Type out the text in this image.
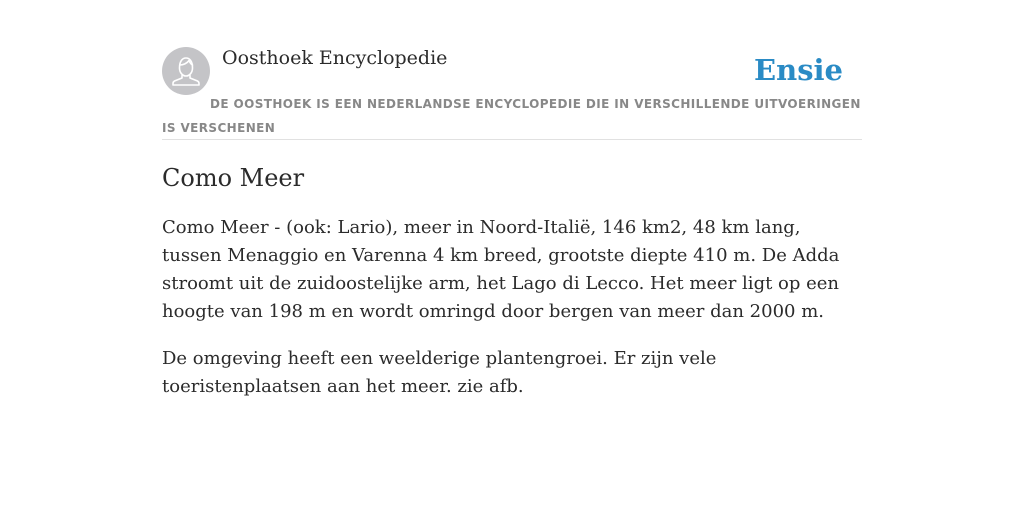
Oosthoek Encyclopedie	Ensie
DE OOSTHOEK IS EEN NEDERLANDSE ENCYCLOPEDIE DIE IN VERSCHILLENDE UITVOERINGEN IS VERSCHENEN
Como Meer

Como Meer - (ook: Lario), meer in Noord-Italië, 146 km2, 48 km lang, tussen Menaggio en Varenna 4 km breed, grootste diepte 410 m. De Adda stroomt uit de zuidoostelijke arm, het Lago di Lecco. Het meer ligt op een hoogte van 198 m en wordt omringd door bergen van meer dan 2000 m.

De omgeving heeft een weelderige plantengroei. Er zijn vele toeristenplaatsen aan het meer. zie afb.
